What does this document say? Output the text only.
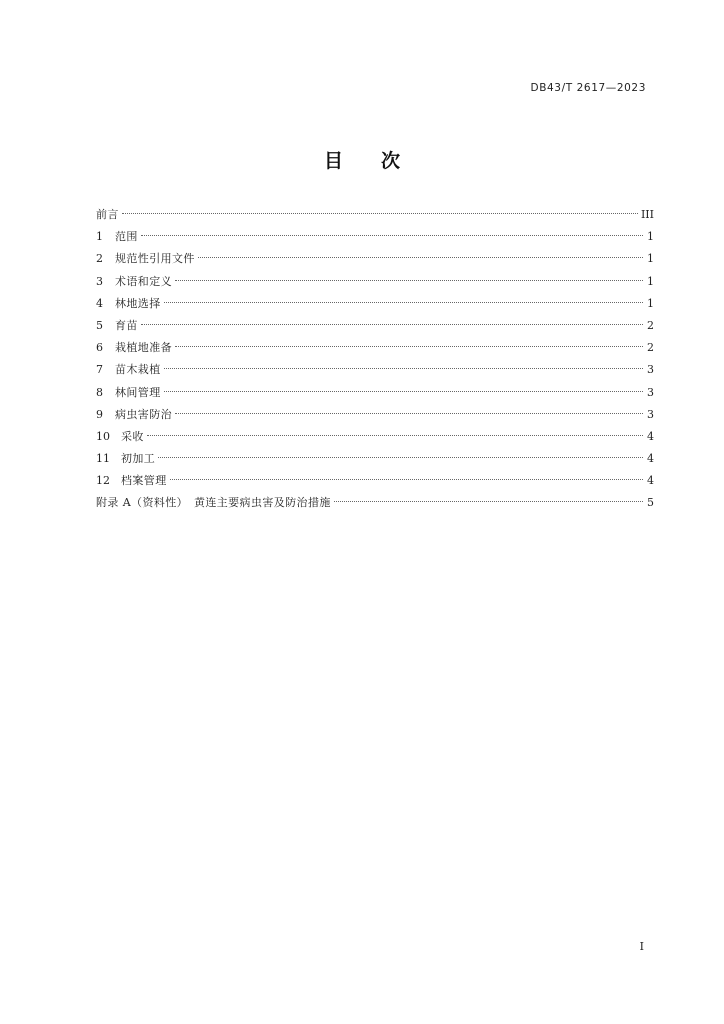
DB43/T 2617—2023
目次
前言	III
1	范围	1
2	规范性引用文件	1
3	术语和定义	1
4	林地选择	1
5	育苗	2
6	栽植地准备	2
7	苗木栽植	3
8	林间管理	3
9	病虫害防治	3
10	采收	4
11	初加工	4
12	档案管理	4
附录 A（资料性）　黄连主要病虫害及防治措施	5
I
